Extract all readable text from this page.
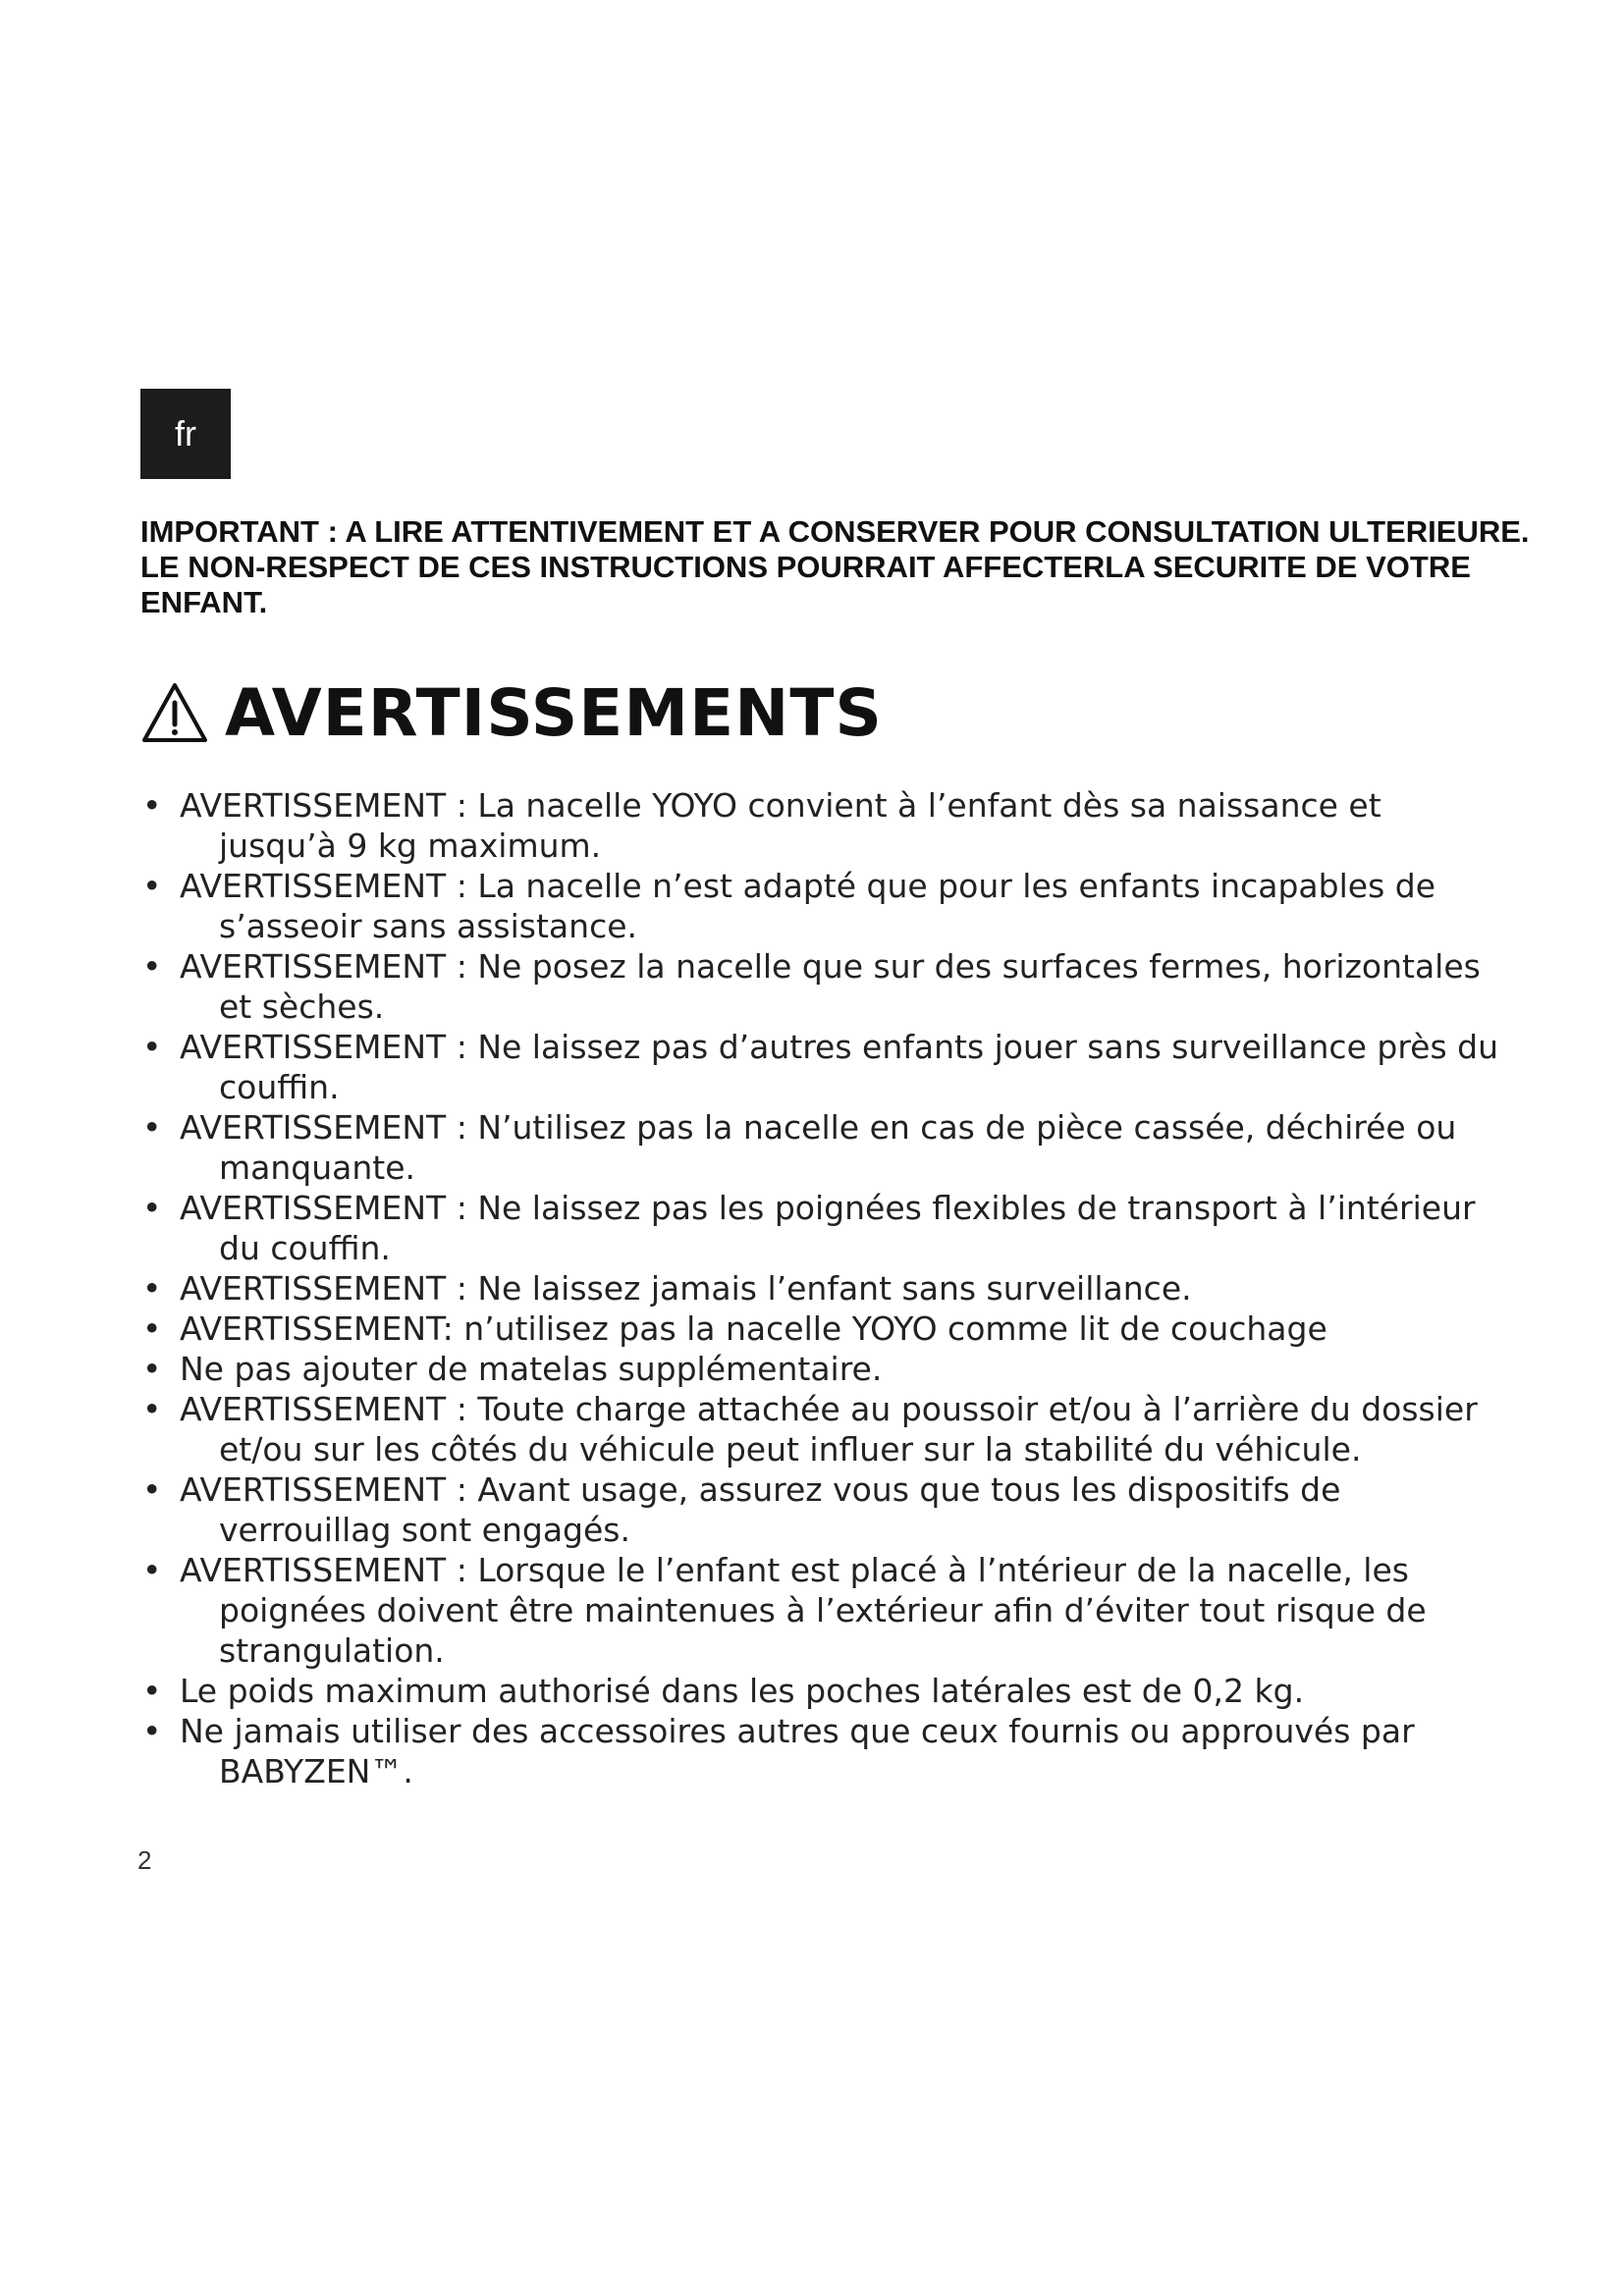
fr
IMPORTANT : A LIRE ATTENTIVEMENT ET A CONSERVER POUR CONSULTATION ULTERIEURE.
LE NON-RESPECT DE CES INSTRUCTIONS POURRAIT AFFECTERLA SECURITE DE VOTRE
ENFANT.
AVERTISSEMENTS
• AVERTISSEMENT : La nacelle YOYO convient à l’enfant dès sa naissance et
jusqu’à 9 kg maximum.
• AVERTISSEMENT : La nacelle n’est adapté que pour les enfants incapables de
s’asseoir sans assistance.
• AVERTISSEMENT : Ne posez la nacelle que sur des surfaces fermes, horizontales
et sèches.
• AVERTISSEMENT : Ne laissez pas d’autres enfants jouer sans surveillance près du
couffin.
• AVERTISSEMENT : N’utilisez pas la nacelle en cas de pièce cassée, déchirée ou
manquante.
• AVERTISSEMENT : Ne laissez pas les poignées flexibles de transport à l’intérieur
du couffin.
• AVERTISSEMENT : Ne laissez jamais l’enfant sans surveillance.
• AVERTISSEMENT: n’utilisez pas la nacelle YOYO comme lit de couchage
• Ne pas ajouter de matelas supplémentaire.
• AVERTISSEMENT : Toute charge attachée au poussoir et/ou à l’arrière du dossier
et/ou sur les côtés du véhicule peut influer sur la stabilité du véhicule.
• AVERTISSEMENT : Avant usage, assurez vous que tous les dispositifs de
verrouillag sont engagés.
• AVERTISSEMENT : Lorsque le l’enfant est placé à l’ntérieur de la nacelle, les
poignées doivent être maintenues à l’extérieur afin d’éviter tout risque de
strangulation.
• Le poids maximum authorisé dans les poches latérales est de 0,2 kg.
• Ne jamais utiliser des accessoires autres que ceux fournis ou approuvés par
BABYZEN™.
2
